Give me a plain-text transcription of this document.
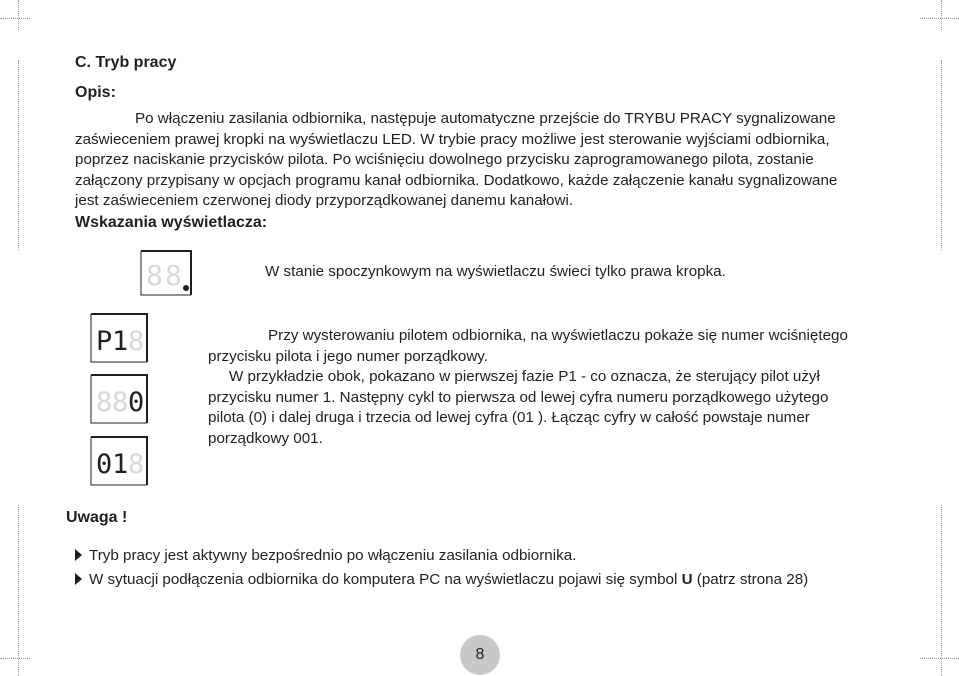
C. Tryb pracy
Opis:
Po włączeniu zasilania odbiornika, następuje automatyczne przejście do TRYBU PRACY sygnalizowane
zaświeceniem prawej kropki na wyświetlaczu LED. W trybie pracy możliwe jest sterowanie wyjściami odbiornika,
poprzez naciskanie przycisków pilota. Po wciśnięciu dowolnego przycisku zaprogramowanego pilota, zostanie
załączony przypisany w opcjach programu kanał odbiornika. Dodatkowo, każde załączenie kanału sygnalizowane
jest zaświeceniem czerwonej diody przyporządkowanej danemu kanałowi.
Wskazania wyświetlacza:
8 8	W stanie spoczynkowym na wyświetlaczu świeci tylko prawa kropka.

P 1 8
8 8 0
0 1 8
Przy wysterowaniu pilotem odbiornika, na wyświetlaczu pokaże się numer wciśniętego
przycisku pilota i jego numer porządkowy.
W przykładzie obok, pokazano w pierwszej fazie P1 - co oznacza, że sterujący pilot użył
przycisku numer 1. Następny cykl to pierwsza od lewej cyfra numeru porządkowego użytego
pilota (0) i dalej druga i trzecia od lewej cyfra (01 ). Łącząc cyfry w całość powstaje numer
porządkowy 001.
Uwaga !
Tryb pracy jest aktywny bezpośrednio po włączeniu zasilania odbiornika.
W sytuacji podłączenia odbiornika do komputera PC na wyświetlaczu pojawi się symbol U (patrz strona 28)
8
